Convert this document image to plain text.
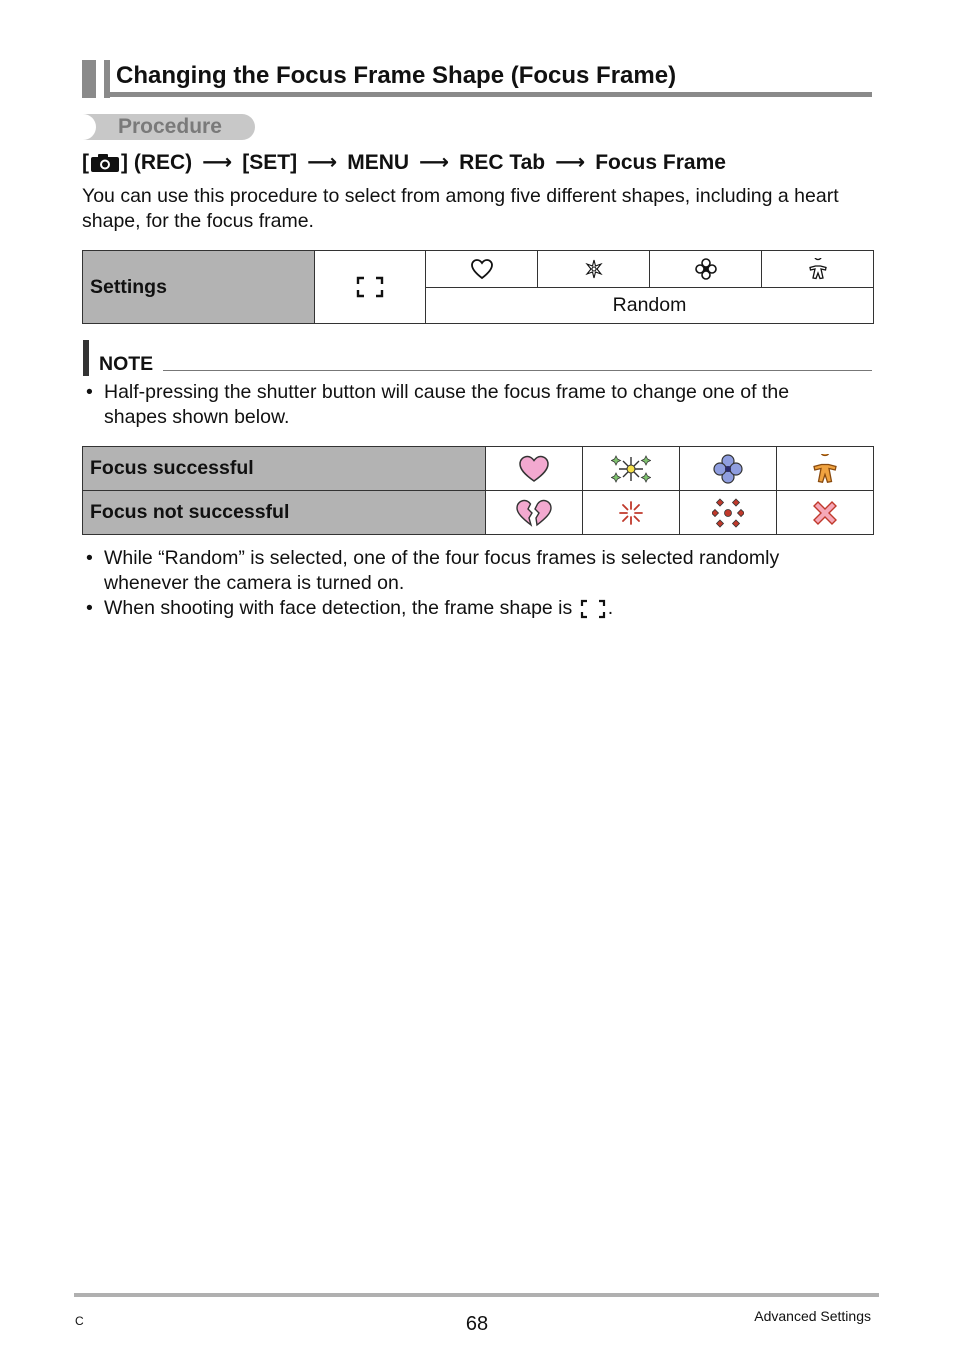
Changing the Focus Frame Shape (Focus Frame)
Procedure
[ ] (REC) ⟶ [SET] ⟶ MENU ⟶ REC Tab ⟶ Focus Frame
You can use this procedure to select from among five different shapes, including a heart shape, for the focus frame.
Settings					
Random
NOTE
• Half-pressing the shutter button will cause the focus frame to change one of the shapes shown below.
Focus successful				
Focus not successful				
• While “Random” is selected, one of the four focus frames is selected randomly whenever the camera is turned on.
• When shooting with face detection, the frame shape is .
C	68	Advanced Settings
